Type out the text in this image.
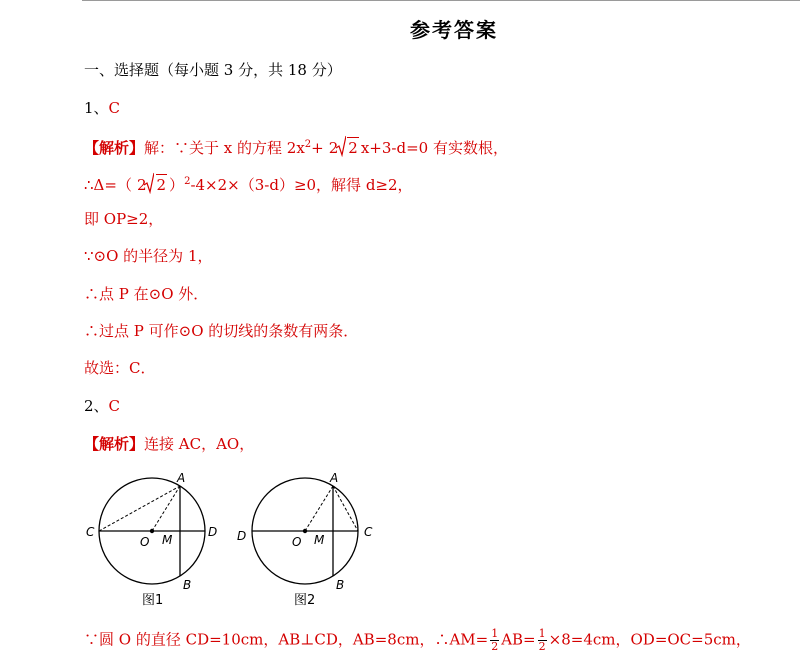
参考答案
一、选择题（每小题 3 分，共 18 分）
1、C
【解析】解：∵关于 x 的方程 $2x^2+ 2$ 2 x+3-d=0 有实数根，
∴Δ=（ 2 2 ）$^2$-4×2×（3-d）≥0，解得 d≥2，
即 OP≥2，
∵⊙O 的半径为 1，
∴点 P 在⊙O 外．
∴过点 P 可作⊙O 的切线的条数有两条．
故选：C．
2、C
【解析】连接 AC，AO，
A
B
C	D
O M
图1
A
B
C
D	O M
图2
∵圆 O 的直径 CD=10cm，AB⊥CD，AB=8cm，∴AM= $\frac{1}{2} AB= \frac{1}{2} \times 8=4cm$，OD=OC=5cm，
